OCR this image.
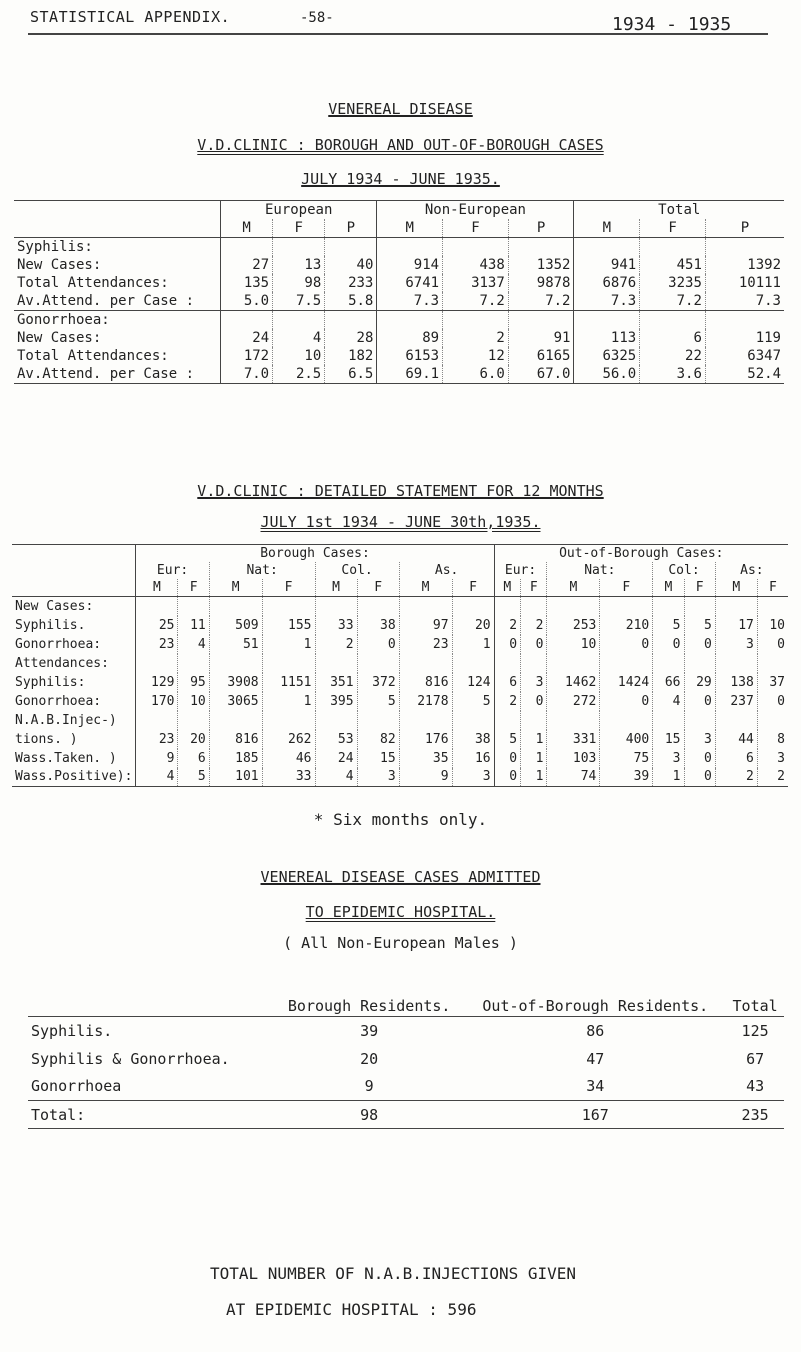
STATISTICAL APPENDIX.	-58-	1934 - 1935
VENEREAL DISEASE
V.D.CLINIC : BOROUGH AND OUT-OF-BOROUGH CASES
JULY 1934 - JUNE 1935.
	European			Non-European			Total		
	M	F	P	M	F	P	M	F	P
Syphilis:									
New Cases:	27	13	40	914	438	1352	941	451	1392
Total Attendances:	135	98	233	6741	3137	9878	6876	3235	10111
Av.Attend. per Case :	5.0	7.5	5.8	7.3	7.2	7.2	7.3	7.2	7.3
Gonorrhoea:									
New Cases:	24	4	28	89	2	91	113	6	119
Total Attendances:	172	10	182	6153	12	6165	6325	22	6347
Av.Attend. per Case :	7.0	2.5	6.5	69.1	6.0	67.0	56.0	3.6	52.4
V.D.CLINIC : DETAILED STATEMENT FOR 12 MONTHS
JULY 1st 1934 - JUNE 30th,1935.
	Borough Cases:								Out-of-Borough Cases:							
	Eur:		Nat:		Col.		As.		Eur:		Nat:		Col:		As:	
	M	F	M	F	M	F	M	F	M	F	M	F	M	F	M	F
New Cases:																
Syphilis.	25	11	509	155	33	38	97	20	2	2	253	210	5	5	17	10
Gonorrhoea:	23	4	51	1	2	0	23	1	0	0	10	0	0	0	3	0
Attendances:																
Syphilis:	129	95	3908	1151	351	372	816	124	6	3	1462	1424	66	29	138	37
Gonorrhoea:	170	10	3065	1	395	5	2178	5	2	0	272	0	4	0	237	0
N.A.B.Injec-)																
tions. )	23	20	816	262	53	82	176	38	5	1	331	400	15	3	44	8
Wass.Taken. )	9	6	185	46	24	15	35	16	0	1	103	75	3	0	6	3
Wass.Positive):	4	5	101	33	4	3	9	3	0	1	74	39	1	0	2	2
* Six months only.
VENEREAL DISEASE CASES ADMITTED
TO EPIDEMIC HOSPITAL.
( All Non-European Males )
	Borough Residents.	Out-of-Borough Residents.	Total
Syphilis.	39	86	125
Syphilis & Gonorrhoea.	20	47	67
Gonorrhoea	9	34	43
Total:	98	167	235
TOTAL NUMBER OF N.A.B.INJECTIONS GIVEN
AT EPIDEMIC HOSPITAL : 596
